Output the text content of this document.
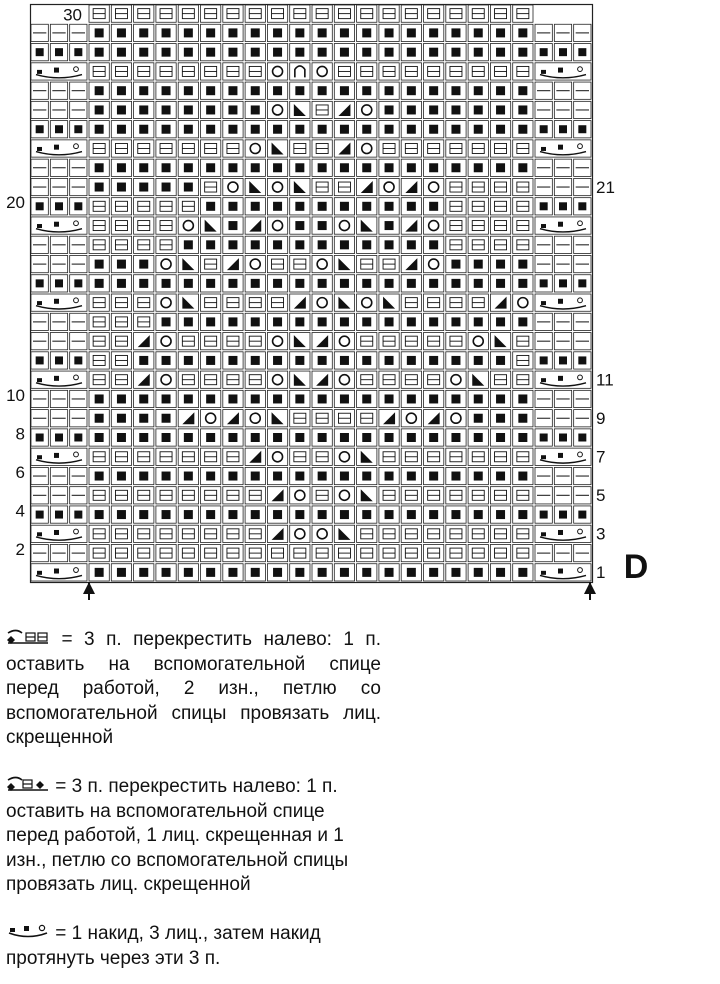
30
20
10
8
6
4
2
21
11
9
7
5
3
1 D
= 3 п. перекрестить налево: 1 п. оставить на вспомогательной спице перед работой, 2 изн., петлю со вспомогательной спицы провязать лиц. скрещенной
= 3 п. перекрестить налево: 1 п. оставить на вспомогательной спице перед работой, 1 лиц. скрещенная и 1 изн., петлю со вспомогательной спицы провязать лиц. скрещенной
= 1 накид, 3 лиц., затем накид протянуть через эти 3 п.
